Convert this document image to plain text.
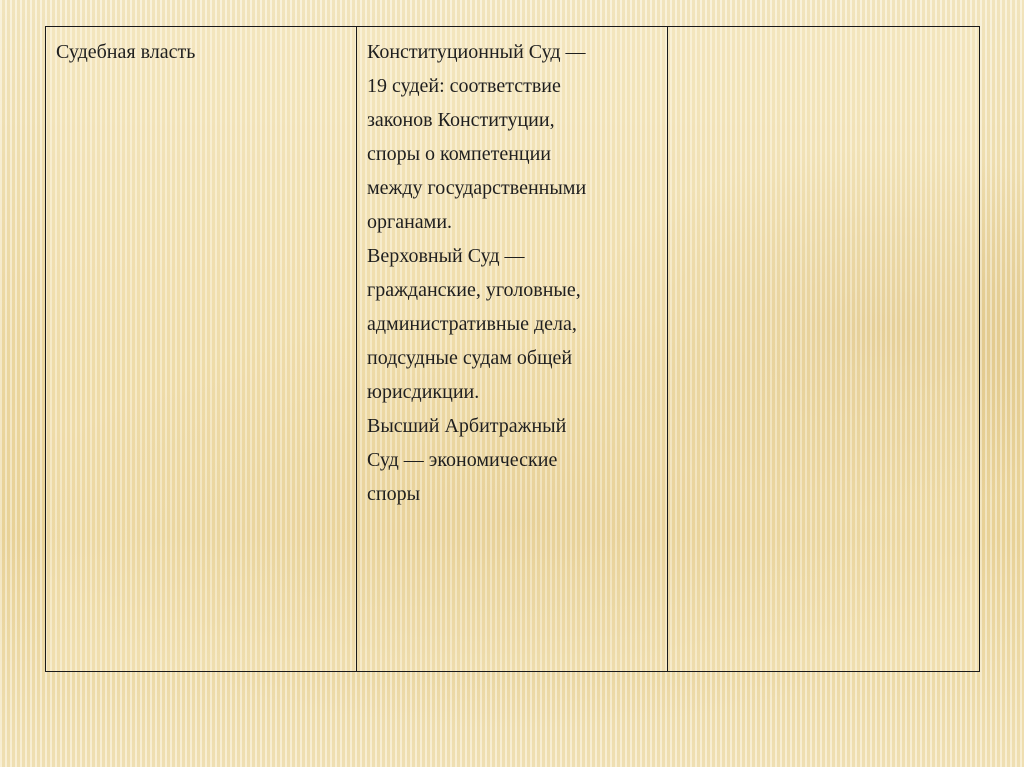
Судебная власть	Конституционный Суд —
19 судей: соответствие
законов Конституции,
споры о компетенции
между государственными
органами.
Верховный Суд —
гражданские, уголовные,
административные дела,
подсудные судам общей
юрисдикции.
Высший Арбитражный
Суд — экономические
споры
